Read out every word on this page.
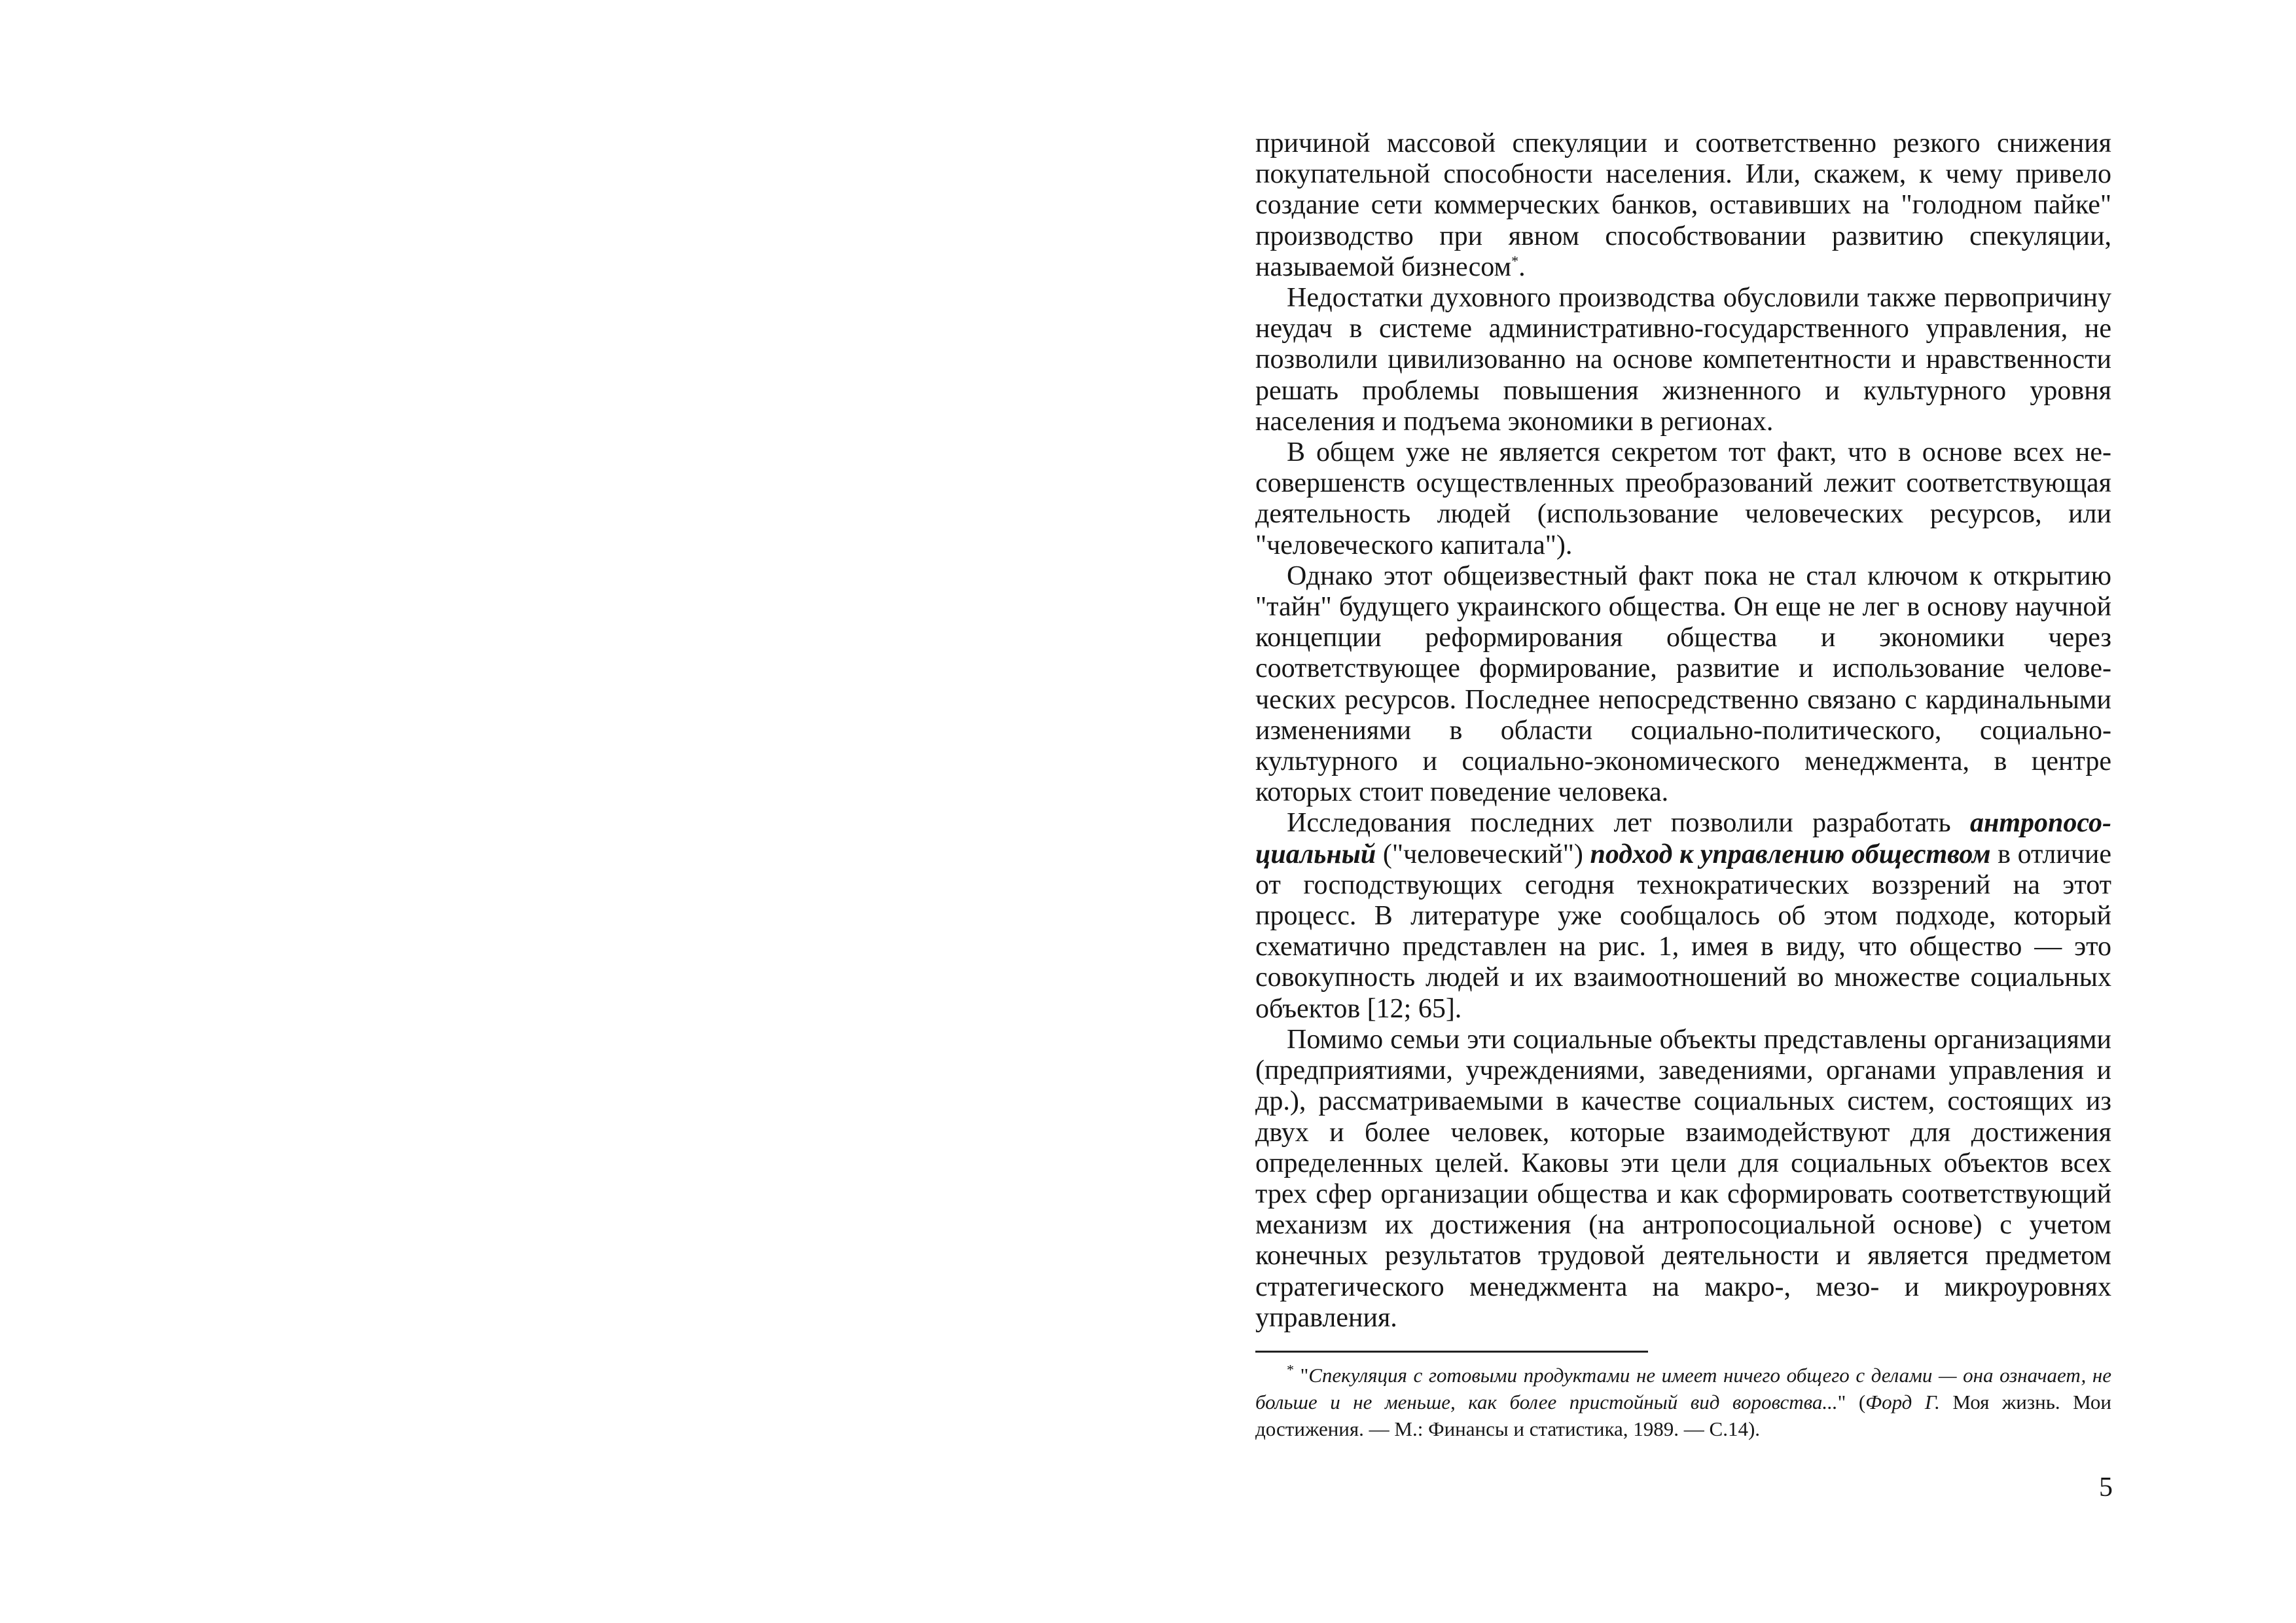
причиной массовой спекуляции и соответственно резкого снижения покупательной способности населения. Или, скажем, к чему привело создание сети коммерческих банков, оставивших на "голодном пайке" производство при явном способствовании развитию спекуляции, называемой бизнесом*.

Недостатки духовного производства обусловили также первопричину неудач в системе административно-государственного управления, не позволили цивилизованно на основе компетентности и нравственности решать проблемы повышения жизненного и культурного уровня населения и подъема экономики в регионах.

В общем уже не является секретом тот факт, что в основе всех несовершенств осуществленных преобразований лежит соответствующая деятельность людей (использование человеческих ресурсов, или "человеческого капитала").

Однако этот общеизвестный факт пока не стал ключом к открытию "тайн" будущего украинского общества. Он еще не лег в основу научной концепции реформирования общества и экономики через соответствующее формирование, развитие и использование человеческих ресурсов. Последнее непосредственно связано с кардинальными изменениями в области социально-политического, социально-культурного и социально-экономического менеджмента, в центре которых стоит поведение человека.

Исследования последних лет позволили разработать антропосоциальный ("человеческий") подход к управлению обществом в отличие от господствующих сегодня технократических воззрений на этот процесс. В литературе уже сообщалось об этом подходе, который схематично представлен на рис. 1, имея в виду, что общество — это совокупность людей и их взаимоотношений во множестве социальных объектов [12; 65].

Помимо семьи эти социальные объекты представлены организациями (предприятиями, учреждениями, заведениями, органами управления и др.), рассматриваемыми в качестве социальных систем, состоящих из двух и более человек, которые взаимодействуют для достижения определенных целей. Каковы эти цели для социальных объектов всех трех сфер организации общества и как сформировать соответствующий механизм их достижения (на антропосоциальной основе) с учетом конечных результатов трудовой деятельности и является предметом стратегического менеджмента на макро-, мезо- и микроуровнях управления.

* "Спекуляция с готовыми продуктами не имеет ничего общего с делами — она означает, не больше и не меньше, как более пристойный вид воровства..." (Форд Г. Моя жизнь. Мои достижения. — М.: Финансы и статистика, 1989. — С.14).

5
